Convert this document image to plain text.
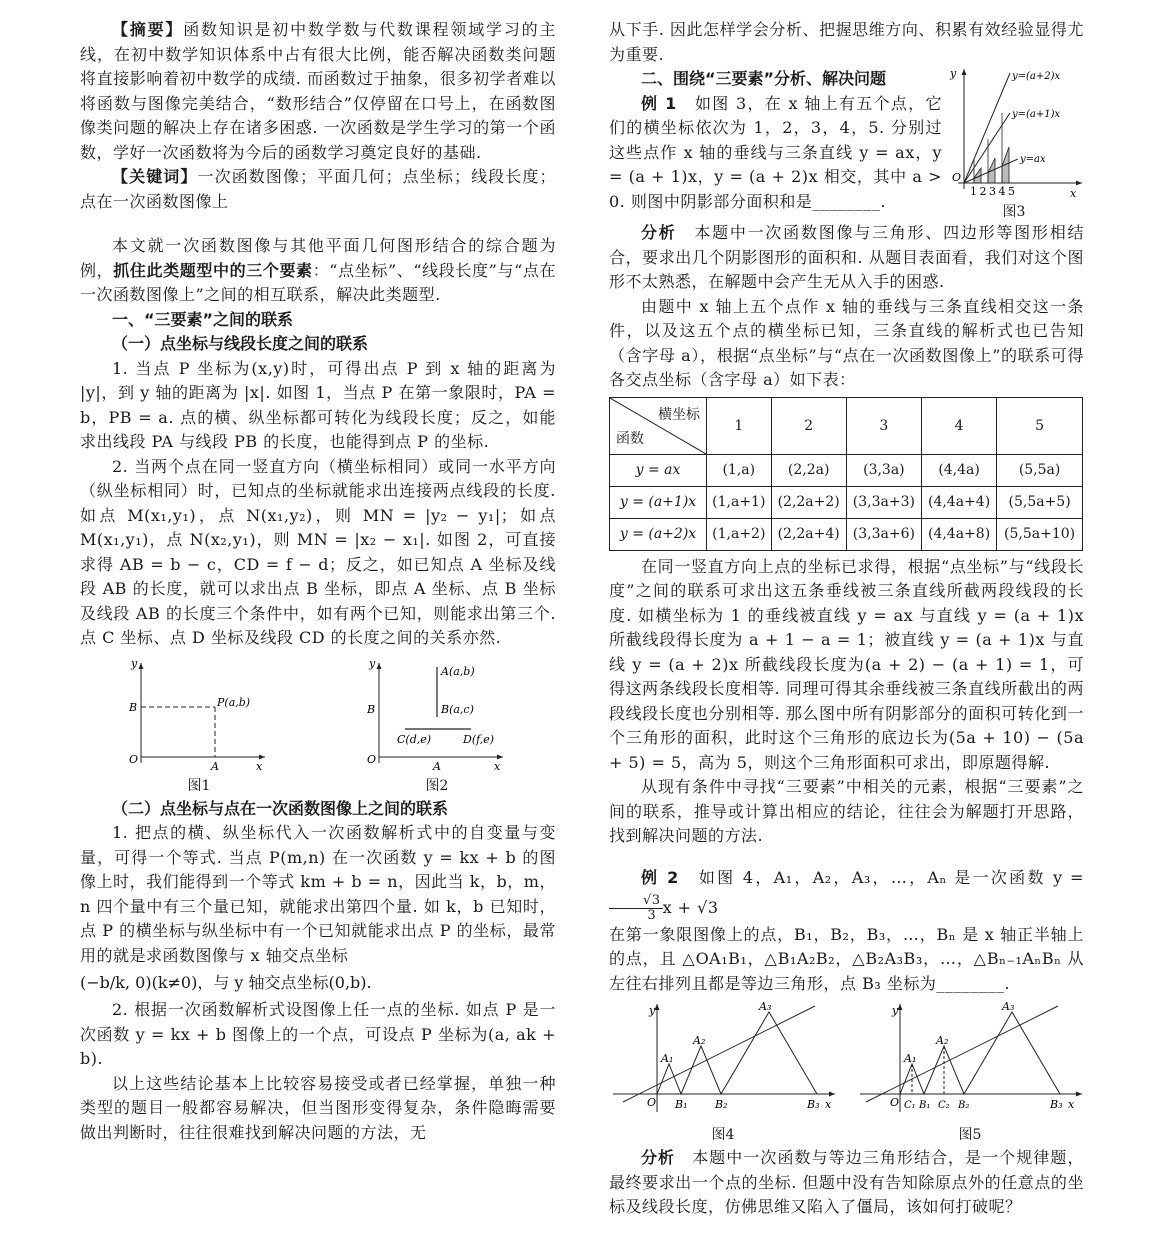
【摘要】函数知识是初中数学数与代数课程领域学习的主线，在初中数学知识体系中占有很大比例，能否解决函数类问题将直接影响着初中数学的成绩. 而函数过于抽象，很多初学者难以将函数与图像完美结合，“数形结合”仅停留在口号上，在函数图像类问题的解决上存在诸多困惑. 一次函数是学生学习的第一个函数，学好一次函数将为今后的函数学习奠定良好的基础.

【关键词】一次函数图像；平面几何；点坐标；线段长度；点在一次函数图像上

本文就一次函数图像与其他平面几何图形结合的综合题为例，抓住此类题型中的三个要素：“点坐标”、“线段长度”与“点在一次函数图像上”之间的相互联系，解决此类题型.

一、“三要素”之间的联系

（一）点坐标与线段长度之间的联系

1. 当点 P 坐标为(x,y)时，可得出点 P 到 x 轴的距离为 |y|，到 y 轴的距离为 |x|. 如图 1，当点 P 在第一象限时，PA = b，PB = a. 点的横、纵坐标都可转化为线段长度；反之，如能求出线段 PA 与线段 PB 的长度，也能得到点 P 的坐标.

2. 当两个点在同一竖直方向（横坐标相同）或同一水平方向（纵坐标相同）时，已知点的坐标就能求出连接两点线段的长度. 如点 M(x₁,y₁)，点 N(x₁,y₂)，则 MN = |y₂ − y₁|；如点 M(x₁,y₁)，点 N(x₂,y₁)，则 MN = |x₂ − x₁|. 如图 2，可直接求得 AB = b − c，CD = f − d；反之，如已知点 A 坐标及线段 AB 的长度，就可以求出点 B 坐标，即点 A 坐标、点 B 坐标及线段 AB 的长度三个条件中，如有两个已知，则能求出第三个. 点 C 坐标、点 D 坐标及线段 CD 的长度之间的关系亦然.

y
x
O
B
A
P(a,b)
图1
y
x
O
B
A
A(a,b)
B(a,c)
C(d,e)	D(f,e)
图2

（二）点坐标与点在一次函数图像上之间的联系

1. 把点的横、纵坐标代入一次函数解析式中的自变量与变量，可得一个等式. 当点 P(m,n) 在一次函数 y = kx + b 的图像上时，我们能得到一个等式 km + b = n，因此当 k，b，m，n 四个量中有三个量已知，就能求出第四个量. 如 k，b 已知时，点 P 的横坐标与纵坐标中有一个已知就能求出点 P 的坐标，最常用的就是求函数图像与 x 轴交点坐标

(−b/k, 0)(k≠0)，与 y 轴交点坐标(0,b).

2. 根据一次函数解析式设图像上任一点的坐标. 如点 P 是一次函数 y = kx + b 图像上的一个点，可设点 P 坐标为(a, ak + b).

以上这些结论基本上比较容易接受或者已经掌握，单独一种类型的题目一般都容易解决，但当图形变得复杂，条件隐晦需要做出判断时，往往很难找到解决问题的方法，无

从下手. 因此怎样学会分析、把握思维方向、积累有效经验显得尤为重要.

二、围绕“三要素”分析、解决问题

例 1　 如图 3，在 x 轴上有五个点，它们的横坐标依次为 1，2，3，4，5. 分别过这些点作 x 轴的垂线与三条直线 y = ax，y = (a + 1)x，y = (a + 2)x 相交，其中 a > 0. 则图中阴影部分面积和是________.

y
x
O
y=(a+2)x
y=(a+1)x
y=ax
12345
图3

分析　 本题中一次函数图像与三角形、四边形等图形相结合，要求出几个阴影图形的面积和. 从题目表面看，我们对这个图形不太熟悉，在解题中会产生无从入手的困惑.

由题中 x 轴上五个点作 x 轴的垂线与三条直线相交这一条件，以及这五个点的横坐标已知，三条直线的解析式也已告知（含字母 a），根据“点坐标”与“点在一次函数图像上”的联系可得各交点坐标（含字母 a）如下表：

横坐标
函数	1	2	3	4	5
y = ax	(1,a)	(2,2a)	(3,3a)	(4,4a)	(5,5a)
y = (a+1)x	(1,a+1)	(2,2a+2)	(3,3a+3)	(4,4a+4)	(5,5a+5)
y = (a+2)x	(1,a+2)	(2,2a+4)	(3,3a+6)	(4,4a+8)	(5,5a+10)

在同一竖直方向上点的坐标已求得，根据“点坐标”与“线段长度”之间的联系可求出这五条垂线被三条直线所截两段线段的长度. 如横坐标为 1 的垂线被直线 y = ax 与直线 y = (a + 1)x 所截线段得长度为 a + 1 − a = 1；被直线 y = (a + 1)x 与直线 y = (a + 2)x 所截线段长度为(a + 2) − (a + 1) = 1，可得这两条线段长度相等. 同理可得其余垂线被三条直线所截出的两段线段长度也分别相等. 那么图中所有阴影部分的面积可转化到一个三角形的面积，此时这个三角形的底边长为(5a + 10) − (5a + 5) = 5，高为 5，则这个三角形面积可求出，即原题得解.

从现有条件中寻找“三要素”中相关的元素，根据“三要素”之间的联系，推导或计算出相应的结论，往往会为解题打开思路，找到解决问题的方法.

例 2　 如图 4，A₁，A₂，A₃，…，Aₙ 是一次函数 y =
$\frac{√3}{3}$ x + √3

在第一象限图像上的点，B₁，B₂，B₃，…，Bₙ 是 x 轴正半轴上的点，且 △OA₁B₁，△B₁A₂B₂，△B₂A₃B₃，…，△Bₙ₋₁AₙBₙ 从左往右排列且都是等边三角形，点 B₃ 坐标为________.

y
x
O
A₁
A₂
A₃
B₁	B₂	B₃
图4
y
x
O
A₁
A₂
A₃
C₁ B₁ C₂ B₂	B₃
图5

分析　 本题中一次函数与等边三角形结合，是一个规律题，最终要求出一个点的坐标. 但题中没有告知除原点外的任意点的坐标及线段长度，仿佛思维又陷入了僵局，该如何打破呢？
